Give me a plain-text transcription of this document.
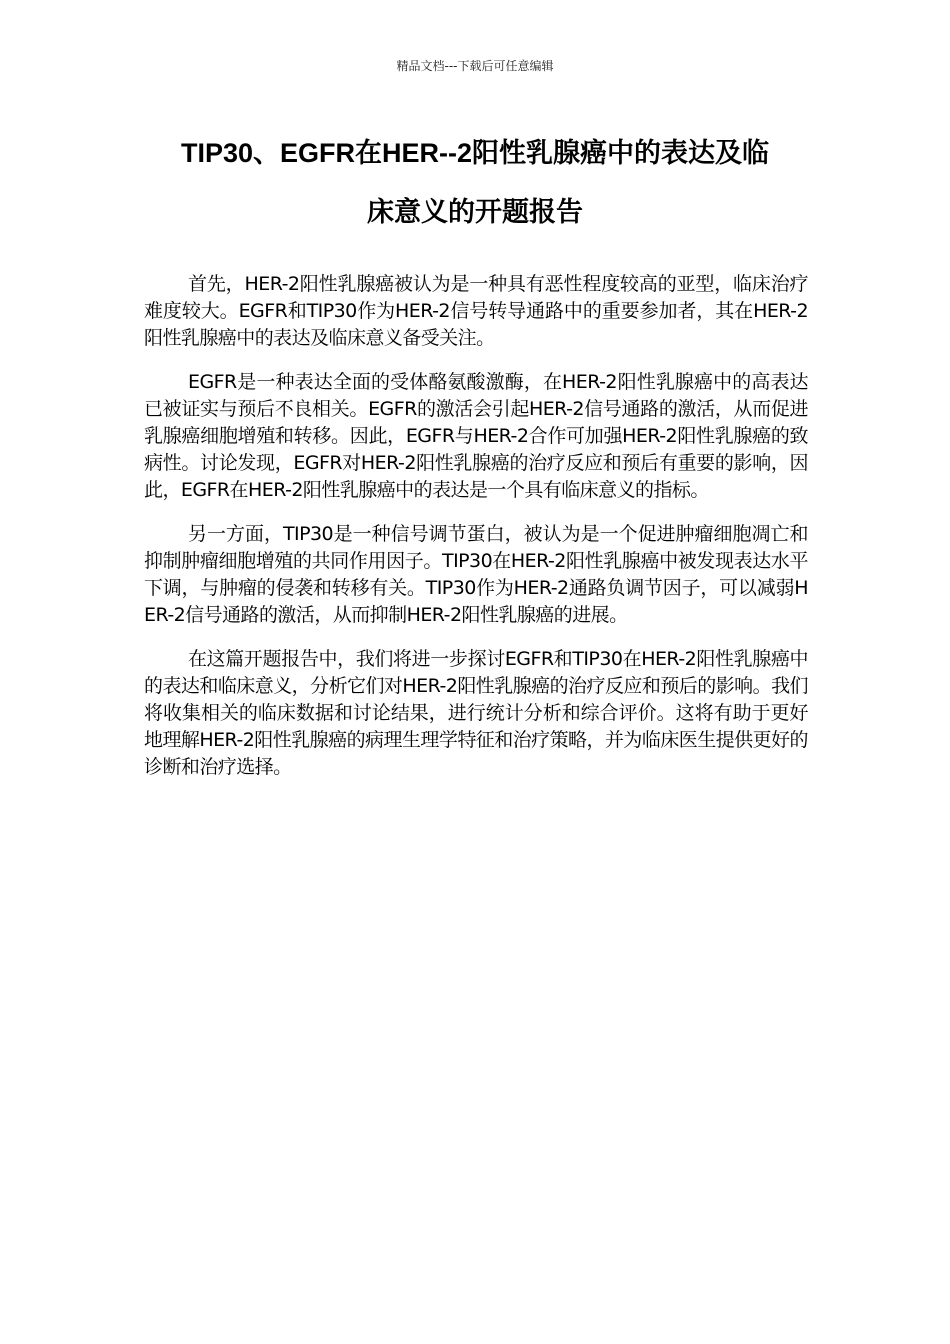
精品文档---下载后可任意编辑
TIP30、EGFR在HER--2阳性乳腺癌中的表达及临
床意义的开题报告

首先，HER-2阳性乳腺癌被认为是一种具有恶性程度较高的亚型，临床治疗难度较大。EGFR和TIP30作为HER-2信号转导通路中的重要参加者，其在HER-2阳性乳腺癌中的表达及临床意义备受关注。

EGFR是一种表达全面的受体酪氨酸激酶，在HER-2阳性乳腺癌中的高表达已被证实与预后不良相关。EGFR的激活会引起HER-2信号通路的激活，从而促进乳腺癌细胞增殖和转移。因此，EGFR与HER-2合作可加强HER-2阳性乳腺癌的致病性。讨论发现，EGFR对HER-2阳性乳腺癌的治疗反应和预后有重要的影响，因此，EGFR在HER-2阳性乳腺癌中的表达是一个具有临床意义的指标。

另一方面，TIP30是一种信号调节蛋白，被认为是一个促进肿瘤细胞凋亡和抑制肿瘤细胞增殖的共同作用因子。TIP30在HER-2阳性乳腺癌中被发现表达水平下调，与肿瘤的侵袭和转移有关。TIP30作为HER-2通路负调节因子，可以减弱HER-2信号通路的激活，从而抑制HER-2阳性乳腺癌的进展。

在这篇开题报告中，我们将进一步探讨EGFR和TIP30在HER-2阳性乳腺癌中的表达和临床意义，分析它们对HER-2阳性乳腺癌的治疗反应和预后的影响。我们将收集相关的临床数据和讨论结果，进行统计分析和综合评价。这将有助于更好地理解HER-2阳性乳腺癌的病理生理学特征和治疗策略，并为临床医生提供更好的诊断和治疗选择。
